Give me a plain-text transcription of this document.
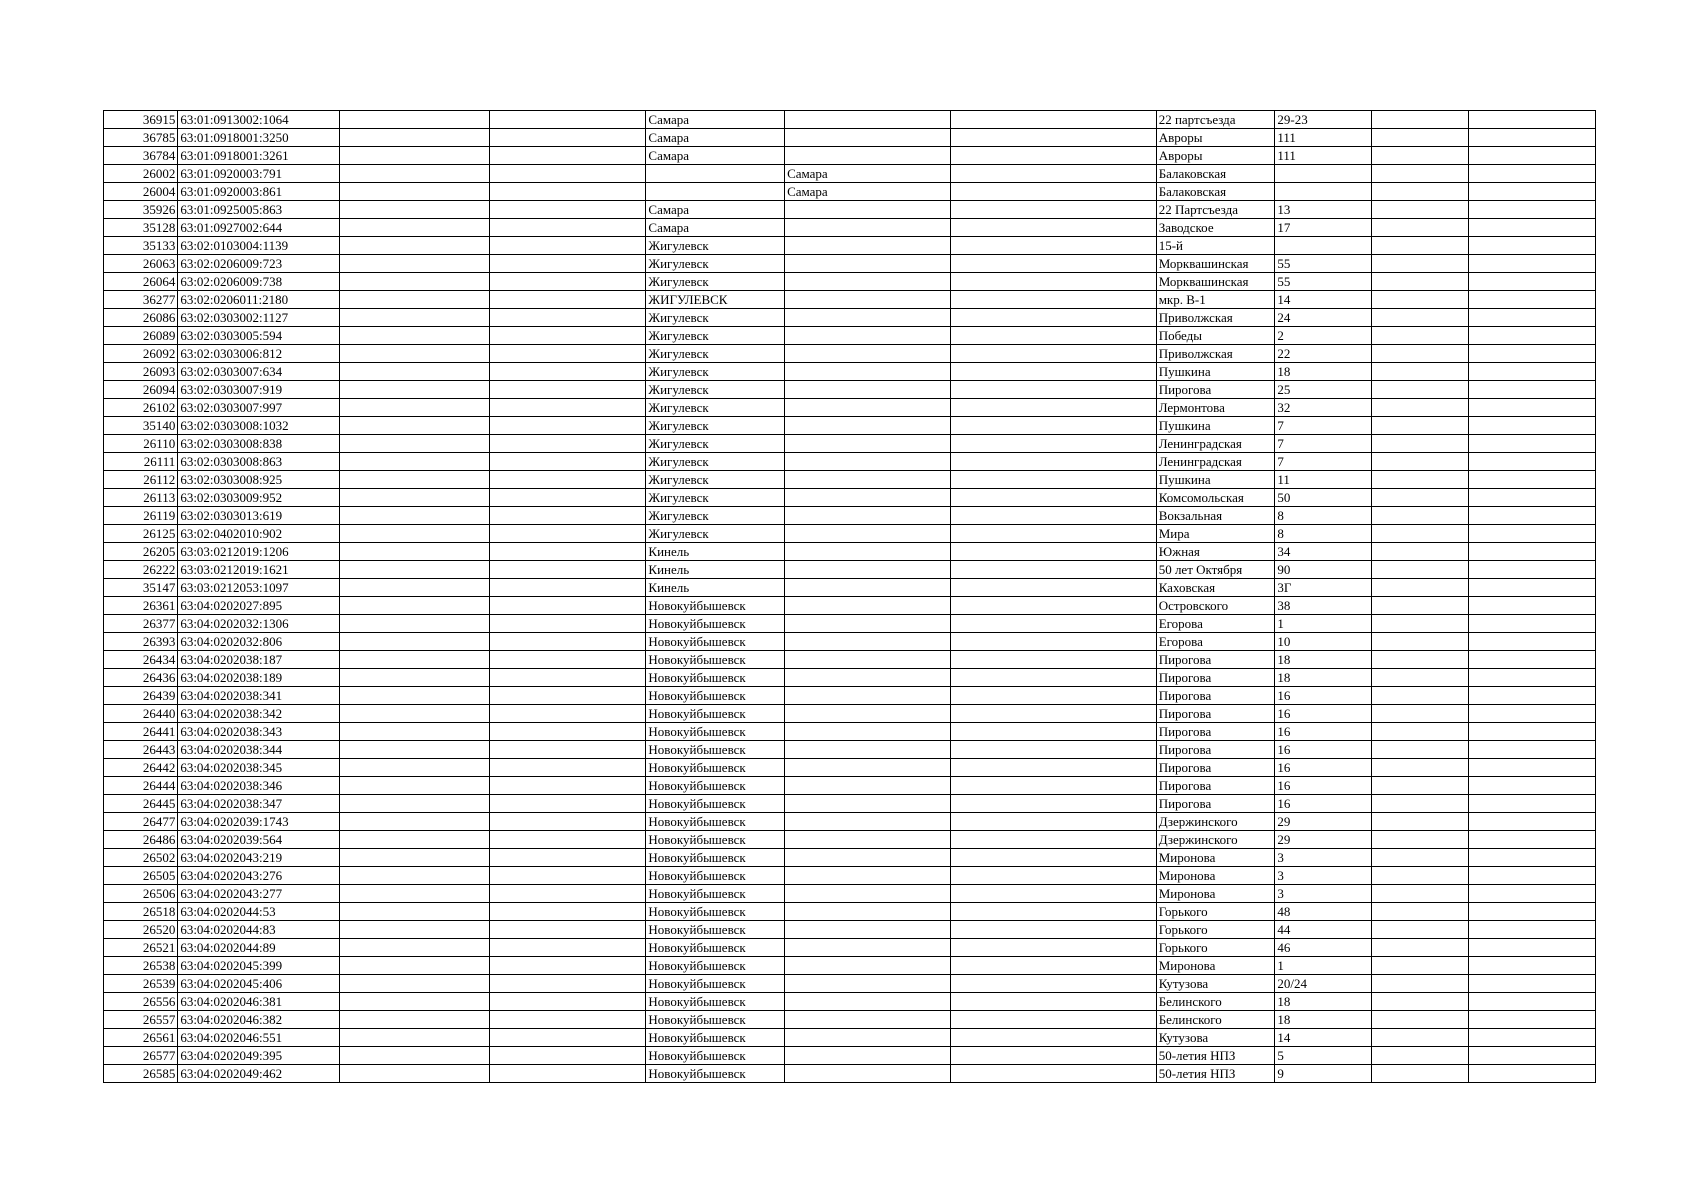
36915	63:01:0913002:1064			Самара			22 партсъезда	29-23		
36785	63:01:0918001:3250			Самара			Авроры	111		
36784	63:01:0918001:3261			Самара			Авроры	111		
26002	63:01:0920003:791				Самара		Балаковская			
26004	63:01:0920003:861				Самара		Балаковская			
35926	63:01:0925005:863			Самара			22 Партсъезда	13		
35128	63:01:0927002:644			Самара			Заводское	17		
35133	63:02:0103004:1139			Жигулевск			15-й			
26063	63:02:0206009:723			Жигулевск			Морквашинская	55		
26064	63:02:0206009:738			Жигулевск			Морквашинская	55		
36277	63:02:0206011:2180			ЖИГУЛЕВСК			мкр. В-1	14		
26086	63:02:0303002:1127			Жигулевск			Приволжская	24		
26089	63:02:0303005:594			Жигулевск			Победы	2		
26092	63:02:0303006:812			Жигулевск			Приволжская	22		
26093	63:02:0303007:634			Жигулевск			Пушкина	18		
26094	63:02:0303007:919			Жигулевск			Пирогова	25		
26102	63:02:0303007:997			Жигулевск			Лермонтова	32		
35140	63:02:0303008:1032			Жигулевск			Пушкина	7		
26110	63:02:0303008:838			Жигулевск			Ленинградская	7		
26111	63:02:0303008:863			Жигулевск			Ленинградская	7		
26112	63:02:0303008:925			Жигулевск			Пушкина	11		
26113	63:02:0303009:952			Жигулевск			Комсомольская	50		
26119	63:02:0303013:619			Жигулевск			Вокзальная	8		
26125	63:02:0402010:902			Жигулевск			Мира	8		
26205	63:03:0212019:1206			Кинель			Южная	34		
26222	63:03:0212019:1621			Кинель			50 лет Октября	90		
35147	63:03:0212053:1097			Кинель			Каховская	3Г		
26361	63:04:0202027:895			Новокуйбышевск			Островского	38		
26377	63:04:0202032:1306			Новокуйбышевск			Егорова	1		
26393	63:04:0202032:806			Новокуйбышевск			Егорова	10		
26434	63:04:0202038:187			Новокуйбышевск			Пирогова	18		
26436	63:04:0202038:189			Новокуйбышевск			Пирогова	18		
26439	63:04:0202038:341			Новокуйбышевск			Пирогова	16		
26440	63:04:0202038:342			Новокуйбышевск			Пирогова	16		
26441	63:04:0202038:343			Новокуйбышевск			Пирогова	16		
26443	63:04:0202038:344			Новокуйбышевск			Пирогова	16		
26442	63:04:0202038:345			Новокуйбышевск			Пирогова	16		
26444	63:04:0202038:346			Новокуйбышевск			Пирогова	16		
26445	63:04:0202038:347			Новокуйбышевск			Пирогова	16		
26477	63:04:0202039:1743			Новокуйбышевск			Дзержинского	29		
26486	63:04:0202039:564			Новокуйбышевск			Дзержинского	29		
26502	63:04:0202043:219			Новокуйбышевск			Миронова	3		
26505	63:04:0202043:276			Новокуйбышевск			Миронова	3		
26506	63:04:0202043:277			Новокуйбышевск			Миронова	3		
26518	63:04:0202044:53			Новокуйбышевск			Горького	48		
26520	63:04:0202044:83			Новокуйбышевск			Горького	44		
26521	63:04:0202044:89			Новокуйбышевск			Горького	46		
26538	63:04:0202045:399			Новокуйбышевск			Миронова	1		
26539	63:04:0202045:406			Новокуйбышевск			Кутузова	20/24		
26556	63:04:0202046:381			Новокуйбышевск			Белинского	18		
26557	63:04:0202046:382			Новокуйбышевск			Белинского	18		
26561	63:04:0202046:551			Новокуйбышевск			Кутузова	14		
26577	63:04:0202049:395			Новокуйбышевск			50-летия НПЗ	5		
26585	63:04:0202049:462			Новокуйбышевск			50-летия НПЗ	9		
